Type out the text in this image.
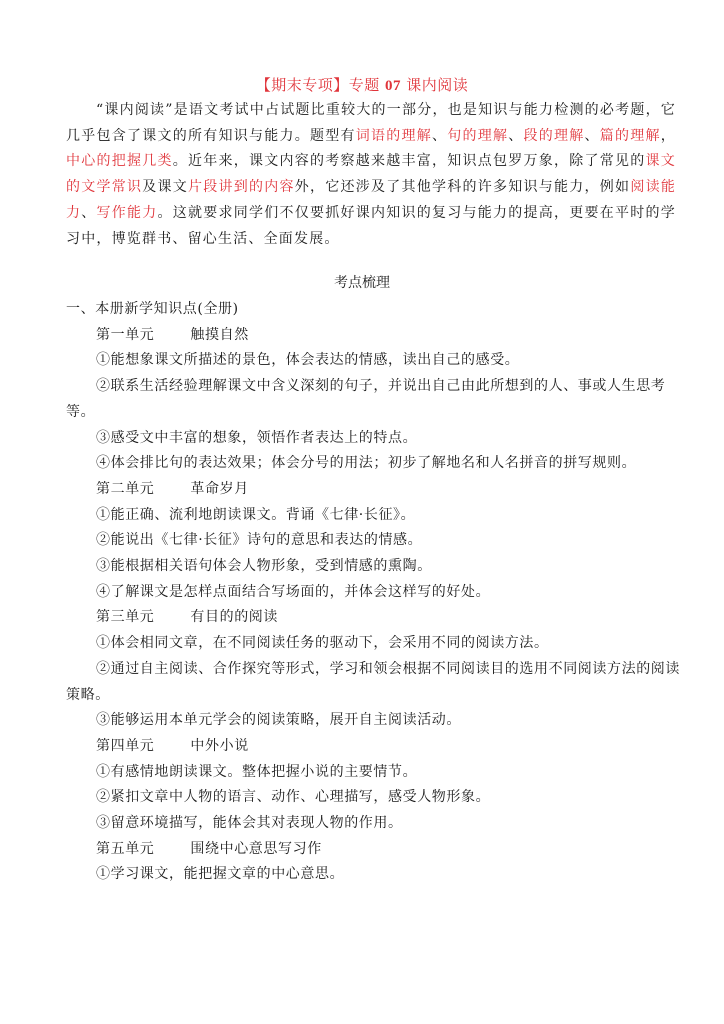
【期末专项】专题 07 课内阅读

“课内阅读”是语文考试中占试题比重较大的一部分，也是知识与能力检测的必考题，它几乎包含了课文的所有知识与能力。题型有词语的理解、句的理解、段的理解、篇的理解，中心的把握几类。近年来，课文内容的考察越来越丰富，知识点包罗万象，除了常见的课文的文学常识及课文片段讲到的内容外，它还涉及了其他学科的许多知识与能力，例如阅读能力、写作能力。这就要求同学们不仅要抓好课内知识的复习与能力的提高，更要在平时的学习中，博览群书、留心生活、全面发展。

考点梳理
一、本册新学知识点(全册)
第一单元	触摸自然
①能想象课文所描述的景色，体会表达的情感，读出自己的感受。
②联系生活经验理解课文中含义深刻的句子，并说出自己由此所想到的人、事或人生思考等。
③感受文中丰富的想象，领悟作者表达上的特点。
④体会排比句的表达效果；体会分号的用法；初步了解地名和人名拼音的拼写规则。
第二单元	革命岁月
①能正确、流利地朗读课文。背诵《七律·长征》。
②能说出《七律·长征》诗句的意思和表达的情感。
③能根据相关语句体会人物形象，受到情感的熏陶。
④了解课文是怎样点面结合写场面的，并体会这样写的好处。
第三单元	有目的的阅读
①体会相同文章，在不同阅读任务的驱动下，会采用不同的阅读方法。
②通过自主阅读、合作探究等形式，学习和领会根据不同阅读目的选用不同阅读方法的阅读策略。
③能够运用本单元学会的阅读策略，展开自主阅读活动。
第四单元	中外小说
①有感情地朗读课文。整体把握小说的主要情节。
②紧扣文章中人物的语言、动作、心理描写，感受人物形象。
③留意环境描写，能体会其对表现人物的作用。
第五单元	围绕中心意思写习作
①学习课文，能把握文章的中心意思。
